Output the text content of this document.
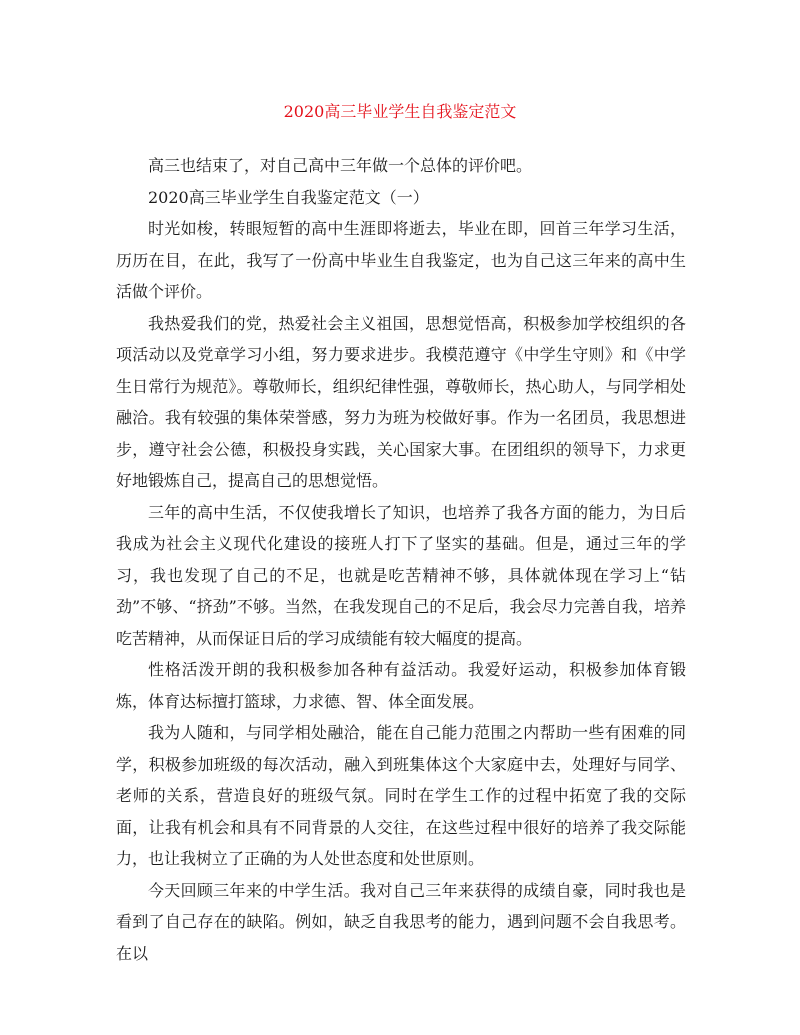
2020高三毕业学生自我鉴定范文

高三也结束了，对自己高中三年做一个总体的评价吧。

2020高三毕业学生自我鉴定范文（一）

时光如梭，转眼短暂的高中生涯即将逝去，毕业在即，回首三年学习生活，历历在目，在此，我写了一份高中毕业生自我鉴定，也为自己这三年来的高中生活做个评价。

我热爱我们的党，热爱社会主义祖国，思想觉悟高，积极参加学校组织的各项活动以及党章学习小组，努力要求进步。我模范遵守《中学生守则》和《中学生日常行为规范》。尊敬师长，组织纪律性强，尊敬师长，热心助人，与同学相处融洽。我有较强的集体荣誉感，努力为班为校做好事。作为一名团员，我思想进步，遵守社会公德，积极投身实践，关心国家大事。在团组织的领导下，力求更好地锻炼自己，提高自己的思想觉悟。

三年的高中生活，不仅使我增长了知识，也培养了我各方面的能力，为日后我成为社会主义现代化建设的接班人打下了坚实的基础。但是，通过三年的学习，我也发现了自己的不足，也就是吃苦精神不够，具体就体现在学习上“钻劲”不够、“挤劲”不够。当然，在我发现自己的不足后，我会尽力完善自我，培养吃苦精神，从而保证日后的学习成绩能有较大幅度的提高。

性格活泼开朗的我积极参加各种有益活动。我爱好运动，积极参加体育锻炼，体育达标擅打篮球，力求德、智、体全面发展。

我为人随和，与同学相处融洽，能在自己能力范围之内帮助一些有困难的同学，积极参加班级的每次活动，融入到班集体这个大家庭中去，处理好与同学、老师的关系，营造良好的班级气氛。同时在学生工作的过程中拓宽了我的交际面，让我有机会和具有不同背景的人交往，在这些过程中很好的培养了我交际能力，也让我树立了正确的为人处世态度和处世原则。

今天回顾三年来的中学生活。我对自己三年来获得的成绩自豪，同时我也是看到了自己存在的缺陷。例如，缺乏自我思考的能力，遇到问题不会自我思考。在以
